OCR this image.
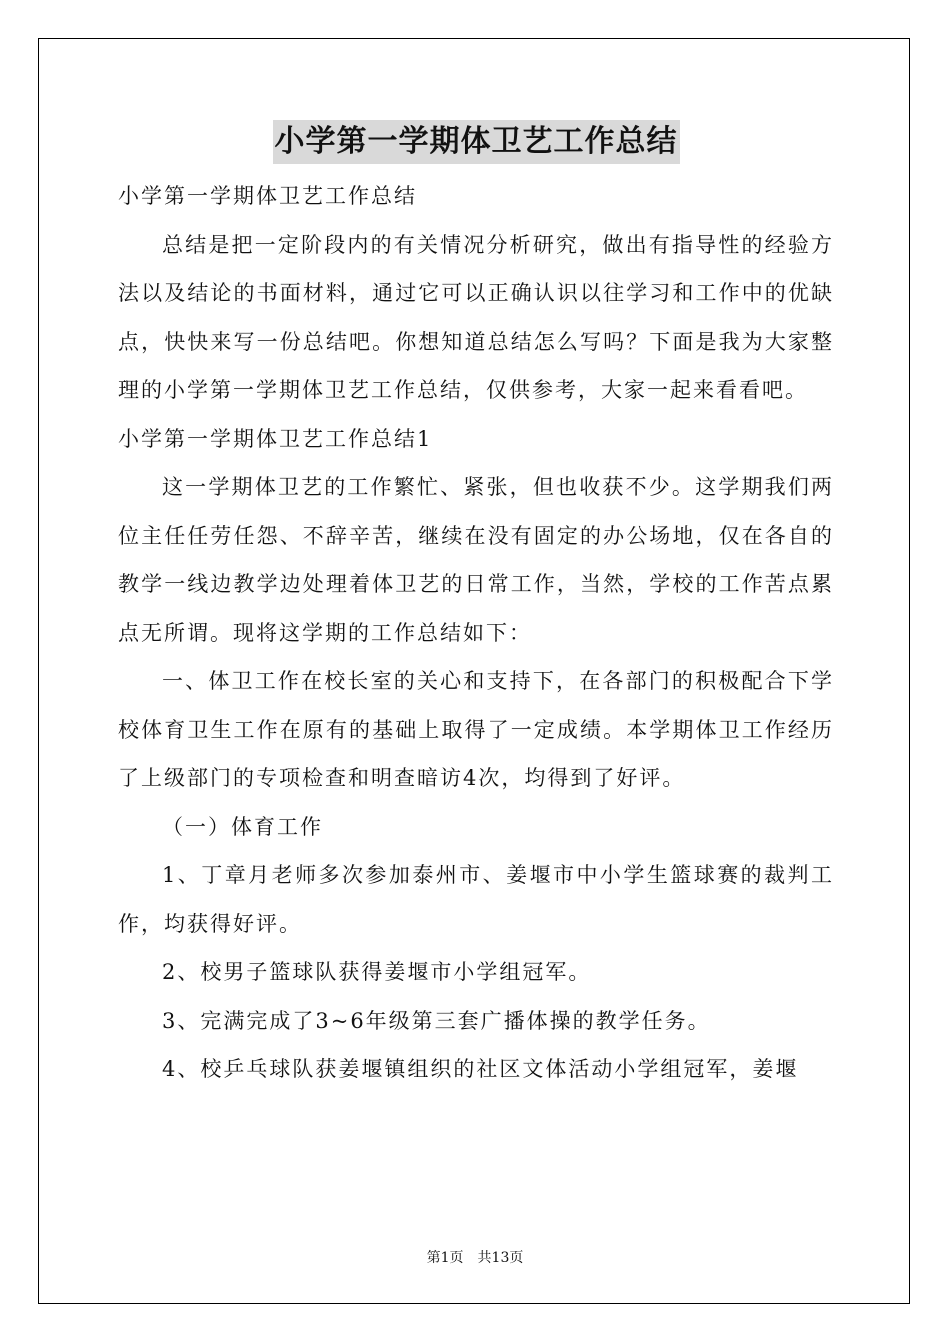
小学第一学期体卫艺工作总结

小学第一学期体卫艺工作总结

总结是把一定阶段内的有关情况分析研究，做出有指导性的经验方法以及结论的书面材料，通过它可以正确认识以往学习和工作中的优缺点，快快来写一份总结吧。你想知道总结怎么写吗？下面是我为大家整理的小学第一学期体卫艺工作总结，仅供参考，大家一起来看看吧。

小学第一学期体卫艺工作总结1

这一学期体卫艺的工作繁忙、紧张，但也收获不少。这学期我们两位主任任劳任怨、不辞辛苦，继续在没有固定的办公场地，仅在各自的教学一线边教学边处理着体卫艺的日常工作，当然，学校的工作苦点累点无所谓。现将这学期的工作总结如下：

一、体卫工作在校长室的关心和支持下，在各部门的积极配合下学校体育卫生工作在原有的基础上取得了一定成绩。本学期体卫工作经历了上级部门的专项检查和明查暗访4次，均得到了好评。

（一）体育工作

1、丁章月老师多次参加泰州市、姜堰市中小学生篮球赛的裁判工作，均获得好评。

2、校男子篮球队获得姜堰市小学组冠军。

3、完满完成了3~6年级第三套广播体操的教学任务。

4、校乒乓球队获姜堰镇组织的社区文体活动小学组冠军，姜堰

第1页　共13页
